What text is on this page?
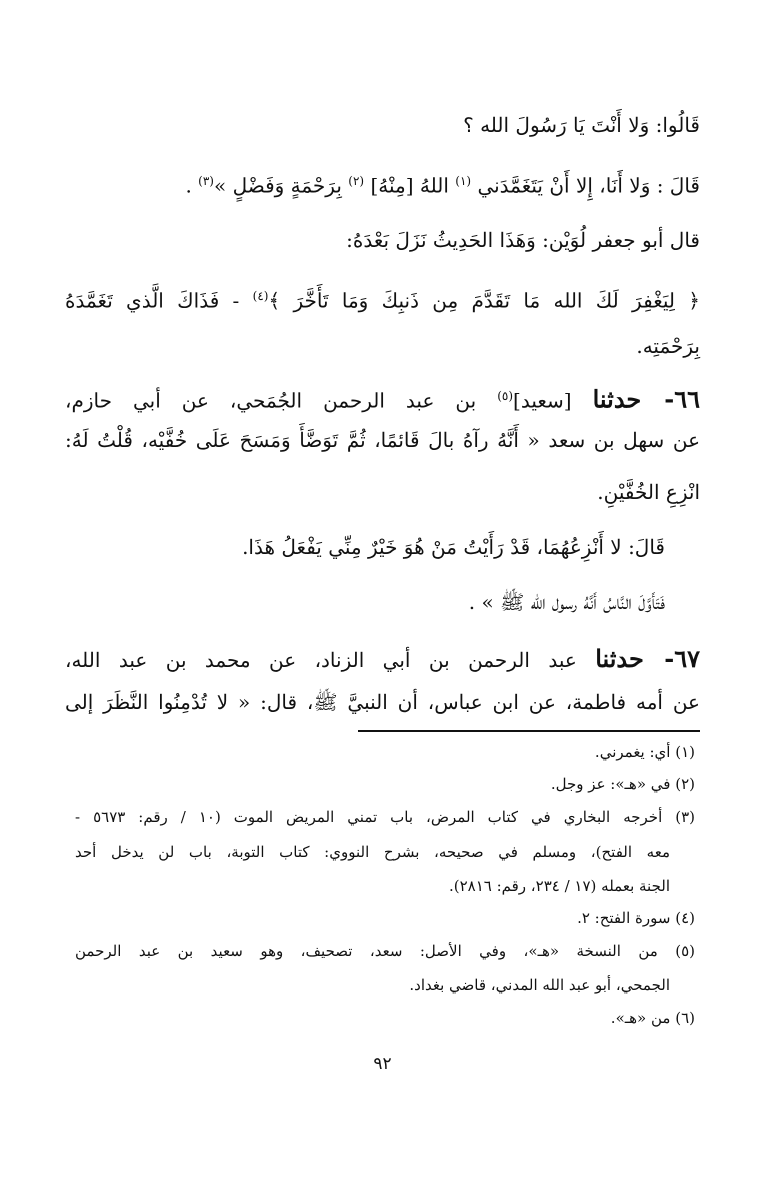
قَالُوا: وَلا أَنْتَ يَا رَسُولَ الله ؟
قَالَ : وَلا أَنَا، إِلا أَنْ يَتَغَمَّدَني $^{(١)}$ اللهُ [مِنْهُ] $^{(٢)}$ بِرَحْمَةٍ وَفَضْلٍ »$^{(٣)}$ .
قال أبو جعفر لُوَيْن: وَهَذَا الحَدِيثُ نَزَلَ بَعْدَهُ:
﴿ لِيَغْفِرَ لَكَ الله مَا تَقَدَّمَ مِن ذَنبِكَ وَمَا تَأَخَّرَ ﴾$^{(٤)}$ - فَذَاكَ الَّذي تَغَمَّدَهُ
بِرَحْمَتِه.
٦٦- حدثنا [سعيد]$^{(٥)}$ بن عبد الرحمن الجُمَحي، عن أبي حازم،
عن سهل بن سعد « أَنَّهُ رآهُ بالَ قَائمًا، ثُمَّ تَوَضَّأَ وَمَسَحَ عَلَى خُفَّيْه، قُلْتُ لَهُ:
انْزِعِ الخُفَّيْنِ.
قَالَ: لا أَنْزِعُهُمَا، قَدْ رَأَيْتُ مَنْ هُوَ خَيْرٌ مِنِّي يَفْعَلُ هَذَا.
فَتَأَوَّلَ النَّاسُ أَنَّهُ رسول الله ﷺ » .
٦٧- حدثنا عبد الرحمن بن أبي الزناد، عن محمد بن عبد الله،
عن أمه فاطمة، عن ابن عباس، أن النبيَّ ﷺ، قال: « لا تُدْمِنُوا النَّظَرَ إلى
(١) أي: يغمرني.
(٢) في «هـ»: عز وجل.
(٣) أخرجه البخاري في كتاب المرض، باب تمني المريض الموت (١٠ / رقم: ٥٦٧٣ -
معه الفتح)، ومسلم في صحيحه، بشرح النووي: كتاب التوبة، باب لن يدخل أحد
الجنة بعمله (١٧ / ٢٣٤، رقم: ٢٨١٦).
(٤) سورة الفتح: ٢.
(٥) من النسخة «هـ»، وفي الأصل: سعد، تصحيف، وهو سعيد بن عبد الرحمن
الجمحي، أبو عبد الله المدني، قاضي بغداد.
(٦) من «هـ».
٩٢
